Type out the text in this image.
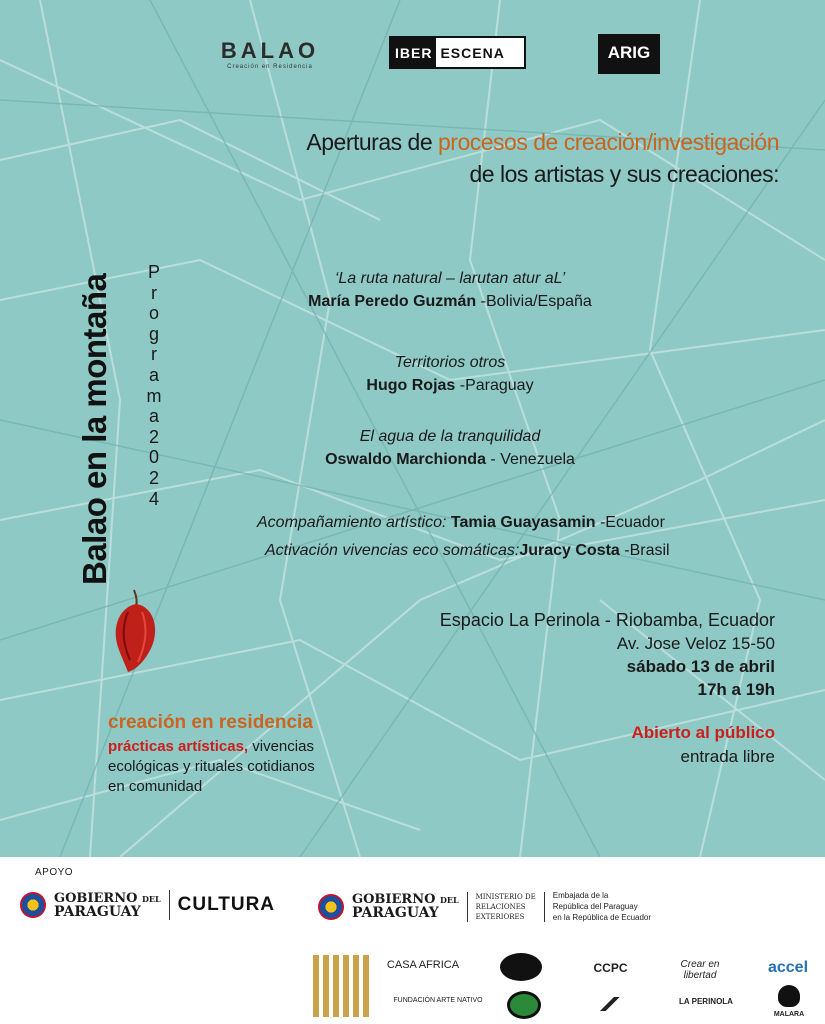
BALAO
Creación en Residencia
IBER ESCENA	ARIG
Aperturas de procesos de creación/investigación
de los artistas y sus creaciones:
Balao en la montaña
P
r
o
g
r
a
m
a
2
0
2
4
‘La ruta natural – larutan atur aL’
María Peredo Guzmán -Bolivia/España
Territorios otros
Hugo Rojas -Paraguay
El agua de la tranquilidad
Oswaldo Marchionda - Venezuela
Acompañamiento artístico: Tamia Guayasamin -Ecuador
Activación vivencias eco somáticas:Juracy Costa -Brasil
Espacio La Perinola - Riobamba, Ecuador
Av. Jose Veloz 15-50
sábado 13 de abril
17h a 19h
Abierto al público
entrada libre
creación en residencia
prácticas artísticas, vivencias
ecológicas y rituales cotidianos
en comunidad
APOYO
GOBIERNO DEL
PARAGUAY	CULTURA	GOBIERNO DEL
PARAGUAY
MINISTERIO DE
RELACIONES
EXTERIORES
Embajada de la
República del Paraguay
en la República de Ecuador
CASA AFRICA
FUNDACIÓN ARTE NATIVO
CCPC	Crear en libertad
LA PERINOLA
accel
MALARA
